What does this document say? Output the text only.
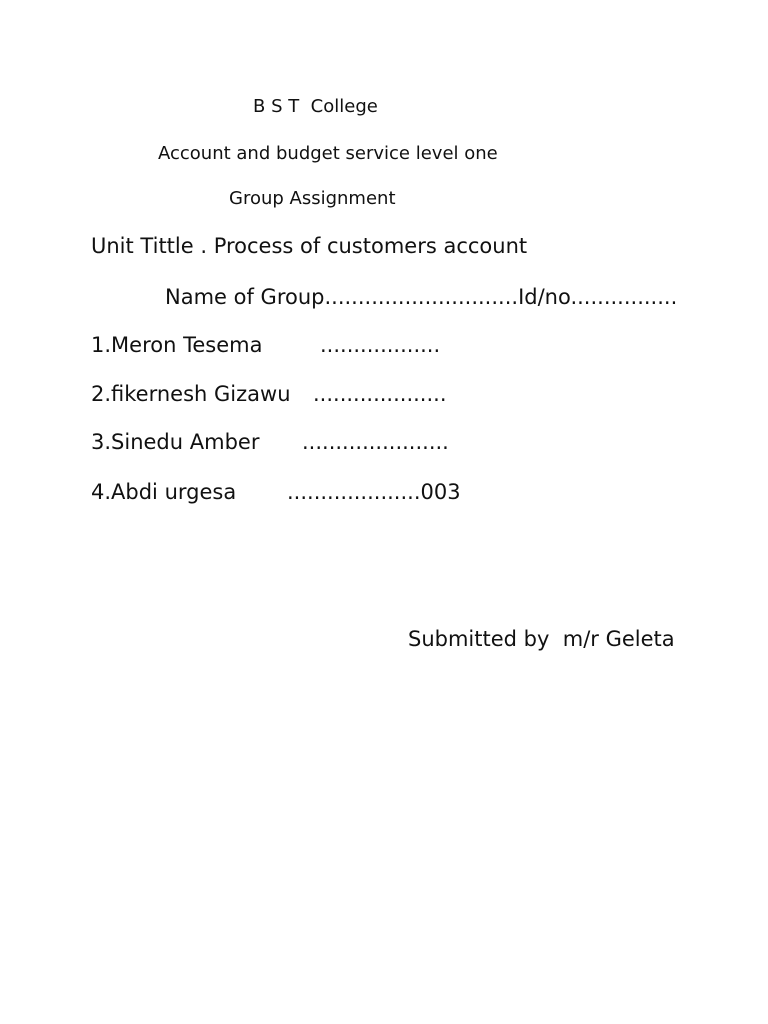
B S T  College
Account and budget service level one
Group Assignment
Unit Tittle . Process of customers account
Name of Group.............................Id/no................
1.Meron Tesema	..................
2.fikernesh Gizawu ....................
3.Sinedu Amber ......................
4.Abdi urgesa ....................003
Submitted by  m/r Geleta
